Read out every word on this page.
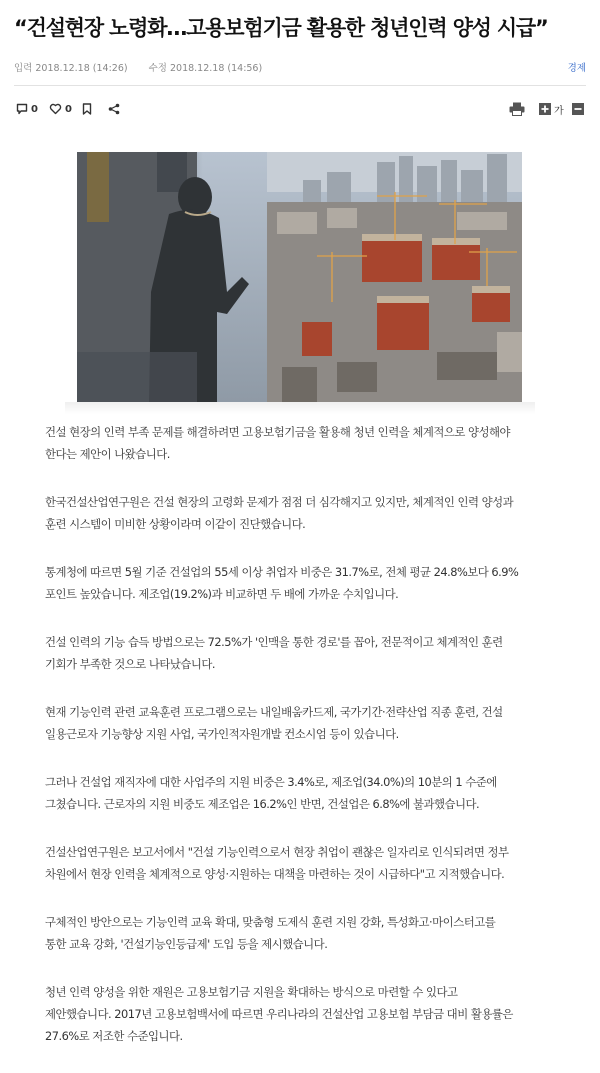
“건설현장 노령화…고용보험기금 활용한 청년인력 양성 시급”
입력 2018.12.18 (14:26) 수정 2018.12.18 (14:56)	경제
0	0	가

건설 현장의 인력 부족 문제를 해결하려면 고용보험기금을 활용해 청년 인력을 체계적으로 양성해야
한다는 제안이 나왔습니다.

한국건설산업연구원은 건설 현장의 고령화 문제가 점점 더 심각해지고 있지만, 체계적인 인력 양성과
훈련 시스템이 미비한 상황이라며 이같이 진단했습니다.

통계청에 따르면 5월 기준 건설업의 55세 이상 취업자 비중은 31.7%로, 전체 평균 24.8%보다 6.9%
포인트 높았습니다. 제조업(19.2%)과 비교하면 두 배에 가까운 수치입니다.

건설 인력의 기능 습득 방법으로는 72.5%가 '인맥을 통한 경로'를 꼽아, 전문적이고 체계적인 훈련
기회가 부족한 것으로 나타났습니다.

현재 기능인력 관련 교육훈련 프로그램으로는 내일배움카드제, 국가기간·전략산업 직종 훈련, 건설
일용근로자 기능향상 지원 사업, 국가인적자원개발 컨소시엄 등이 있습니다.

그러나 건설업 재직자에 대한 사업주의 지원 비중은 3.4%로, 제조업(34.0%)의 10분의 1 수준에
그쳤습니다. 근로자의 지원 비중도 제조업은 16.2%인 반면, 건설업은 6.8%에 불과했습니다.

건설산업연구원은 보고서에서 "건설 기능인력으로서 현장 취업이 괜찮은 일자리로 인식되려면 정부
차원에서 현장 인력을 체계적으로 양성·지원하는 대책을 마련하는 것이 시급하다"고 지적했습니다.

구체적인 방안으로는 기능인력 교육 확대, 맞춤형 도제식 훈련 지원 강화, 특성화고·마이스터고를
통한 교육 강화, '건설기능인등급제' 도입 등을 제시했습니다.

청년 인력 양성을 위한 재원은 고용보험기금 지원을 확대하는 방식으로 마련할 수 있다고
제안했습니다. 2017년 고용보험백서에 따르면 우리나라의 건설산업 고용보험 부담금 대비 활용률은
27.6%로 저조한 수준입니다.
